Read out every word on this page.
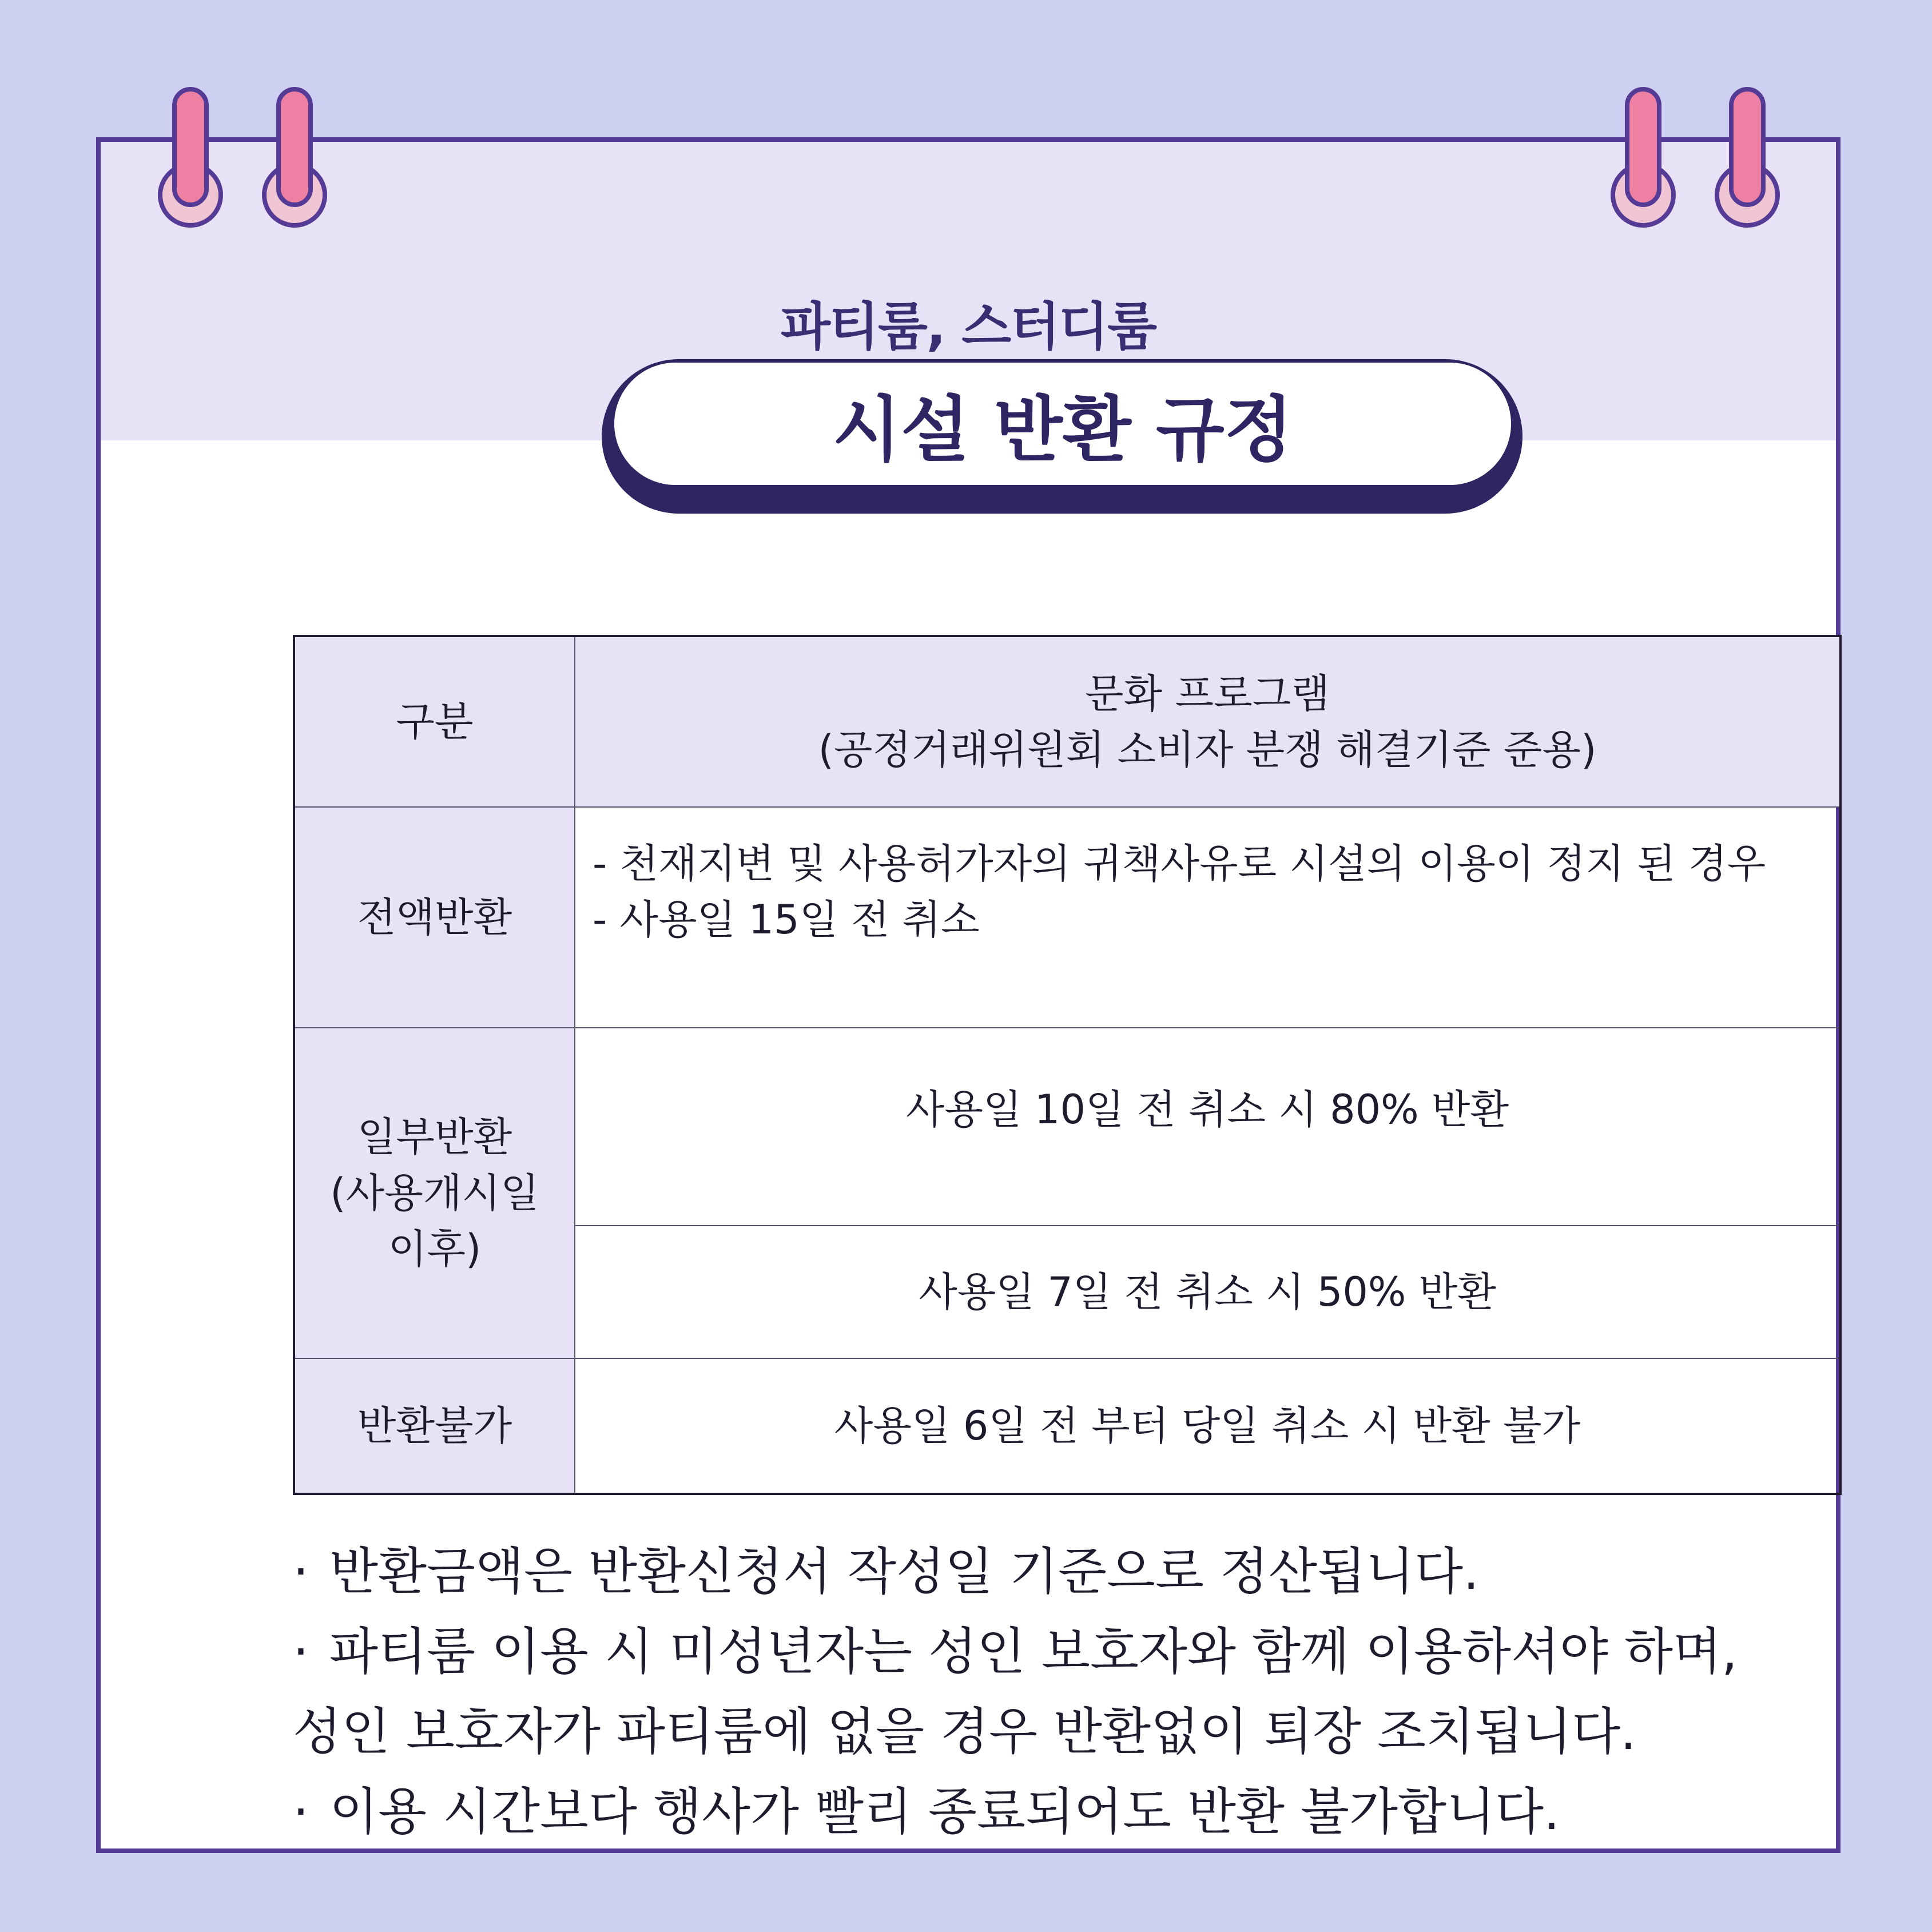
파티룸, 스터디룸
시설 반환 규정
구분	문화 프로그램
(공정거래위원회 소비자 분쟁 해결기준 준용)

전액반환	- 천재지변 및 사용허가자의 귀책사유로 시설의 이용이 정지 된 경우
- 사용일 15일 전 취소

일부반환
(사용개시일
이후)	사용일 10일 전 취소 시 80% 반환

	사용일 7일 전 취소 시 50% 반환
반환불가	사용일 6일 전 부터 당일 취소 시 반환 불가
· 반환금액은 반환신청서 작성일 기준으로 정산됩니다.
· 파티룸 이용 시 미성년자는 성인 보호자와 함께 이용하셔야 하며,
성인 보호자가 파티룸에 없을 경우 반환없이 퇴장 조치됩니다.
· 이용 시간보다 행사가 빨리 종료되어도 반환 불가합니다.
